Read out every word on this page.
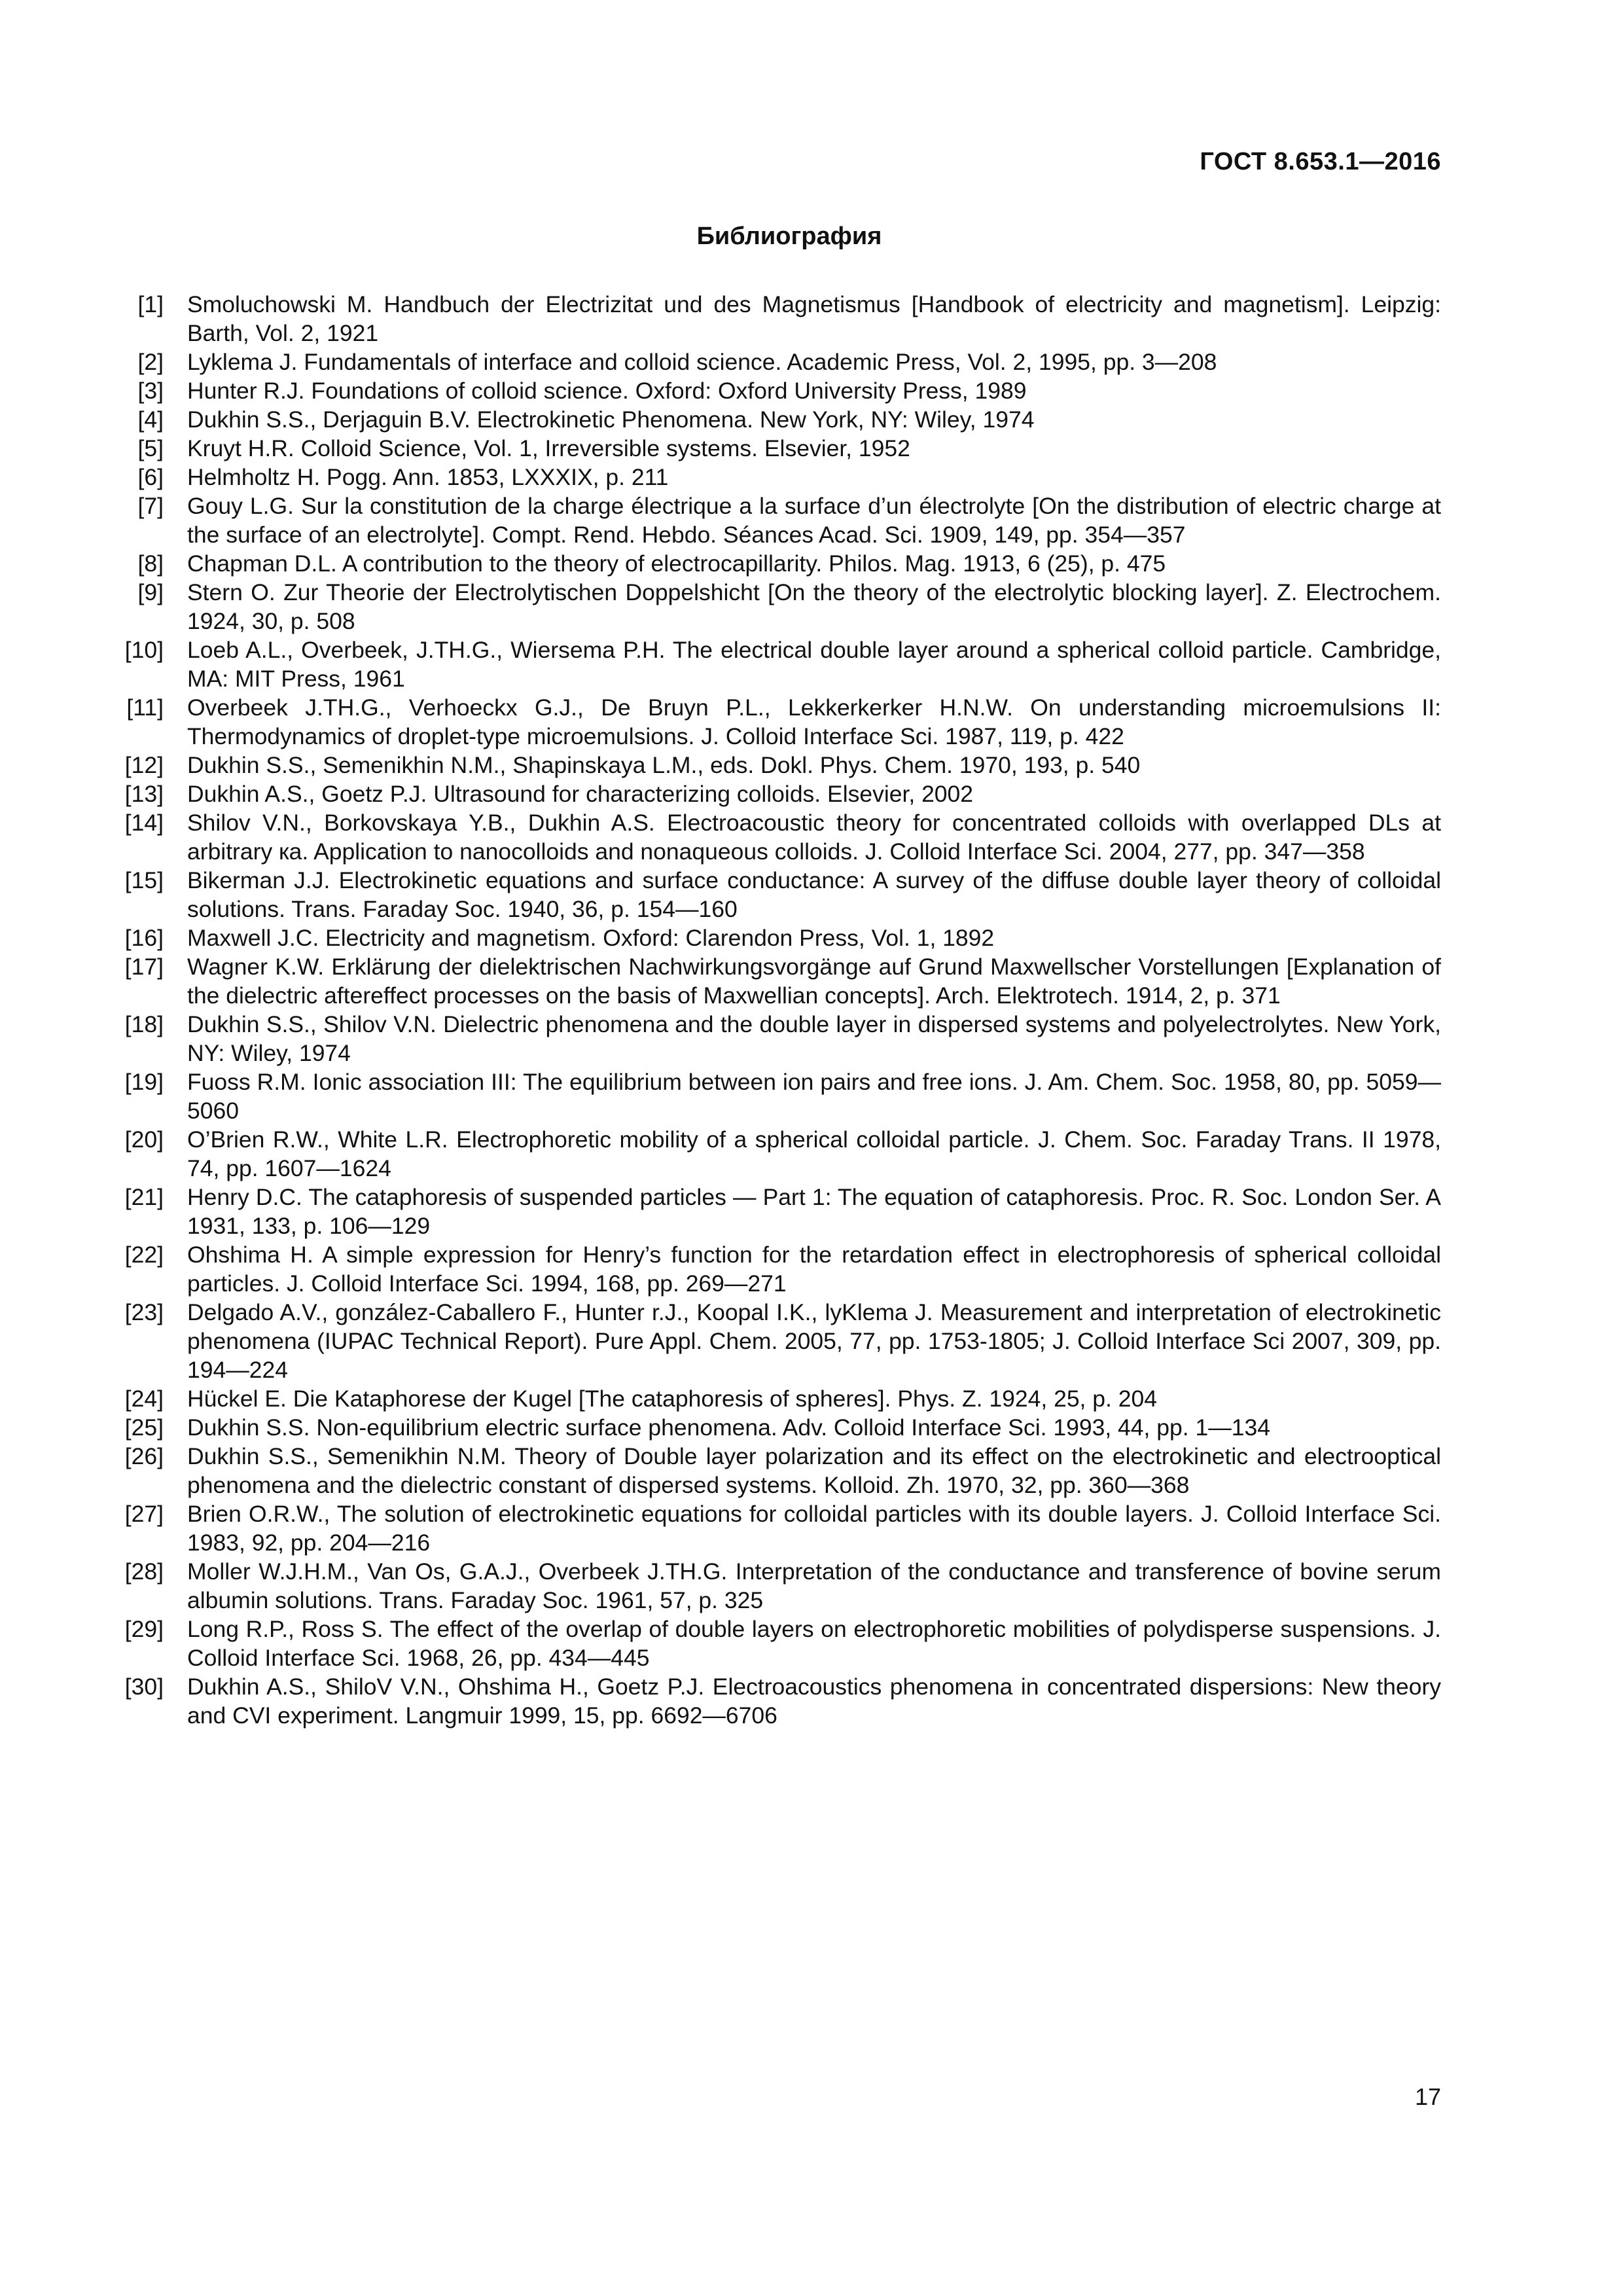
ГОСТ 8.653.1—2016
Библиография
[1] Smoluchowski M. Handbuch der Electrizitat und des Magnetismus [Handbook of electricity and magnetism]. Leipzig: Barth, Vol. 2, 1921
[2] Lyklema J. Fundamentals of interface and colloid science. Academic Press, Vol. 2, 1995, pp. 3—208
[3] Hunter R.J. Foundations of colloid science. Oxford: Oxford University Press, 1989
[4] Dukhin S.S., Derjaguin B.V. Electrokinetic Phenomena. New York, NY: Wiley, 1974
[5] Kruyt H.R. Colloid Science, Vol. 1, Irreversible systems. Elsevier, 1952
[6] Helmholtz H. Pogg. Ann. 1853, LXXXIX, p. 211
[7] Gouy L.G. Sur la constitution de la charge électrique a la surface d’un électrolyte [On the distribution of electric charge at the surface of an electrolyte]. Compt. Rend. Hebdo. Séances Acad. Sci. 1909, 149, pp. 354—357
[8] Chapman D.L. A contribution to the theory of electrocapillarity. Philos. Mag. 1913, 6 (25), p. 475
[9] Stern O. Zur Theorie der Electrolytischen Doppelshicht [On the theory of the electrolytic blocking layer]. Z. Electrochem. 1924, 30, p. 508
[10] Loeb A.L., Overbeek, J.TH.G., Wiersema P.H. The electrical double layer around a spherical colloid particle. Cambridge, MA: MIT Press, 1961
[11] Overbeek J.TH.G., Verhoeckx G.J., De Bruyn P.L., Lekkerkerker H.N.W. On understanding microemulsions II: Thermodynamics of droplet-type microemulsions. J. Colloid Interface Sci. 1987, 119, p. 422
[12] Dukhin S.S., Semenikhin N.M., Shapinskaya L.M., eds. Dokl. Phys. Chem. 1970, 193, p. 540
[13] Dukhin A.S., Goetz P.J. Ultrasound for characterizing colloids. Elsevier, 2002
[14] Shilov V.N., Borkovskaya Y.B., Dukhin A.S. Electroacoustic theory for concentrated colloids with overlapped DLs at arbitrary кa. Application to nanocolloids and nonaqueous colloids. J. Colloid Interface Sci. 2004, 277, pp. 347—358
[15] Bikerman J.J. Electrokinetic equations and surface conductance: A survey of the diffuse double layer theory of colloidal solutions. Trans. Faraday Soc. 1940, 36, p. 154—160
[16] Maxwell J.C. Electricity and magnetism. Oxford: Clarendon Press, Vol. 1, 1892
[17] Wagner K.W. Erklärung der dielektrischen Nachwirkungsvorgänge auf Grund Maxwellscher Vorstellungen [Explanation of the dielectric aftereffect processes on the basis of Maxwellian concepts]. Arch. Elektrotech. 1914, 2, p. 371
[18] Dukhin S.S., Shilov V.N. Dielectric phenomena and the double layer in dispersed systems and polyelectrolytes. New York, NY: Wiley, 1974
[19] Fuoss R.M. Ionic association III: The equilibrium between ion pairs and free ions. J. Am. Chem. Soc. 1958, 80, pp. 5059—5060
[20] O’Brien R.W., White L.R. Electrophoretic mobility of a spherical colloidal particle. J. Chem. Soc. Faraday Trans. II 1978, 74, pp. 1607—1624
[21] Henry D.C. The cataphoresis of suspended particles — Part 1: The equation of cataphoresis. Proc. R. Soc. London Ser. A 1931, 133, p. 106—129
[22] Ohshima H. A simple expression for Henry’s function for the retardation effect in electrophoresis of spherical colloidal particles. J. Colloid Interface Sci. 1994, 168, pp. 269—271
[23] Delgado A.V., gonzález-Caballero F., Hunter r.J., Koopal I.K., lyKlema J. Measurement and interpretation of electrokinetic phenomena (IUPAC Technical Report). Pure Appl. Chem. 2005, 77, pp. 1753-1805; J. Colloid Interface Sci 2007, 309, pp. 194—224
[24] Hückel E. Die Kataphorese der Kugel [The cataphoresis of spheres]. Phys. Z. 1924, 25, p. 204
[25] Dukhin S.S. Non-equilibrium electric surface phenomena. Adv. Colloid Interface Sci. 1993, 44, pp. 1—134
[26] Dukhin S.S., Semenikhin N.M. Theory of Double layer polarization and its effect on the electrokinetic and electrooptical phenomena and the dielectric constant of dispersed systems. Kolloid. Zh. 1970, 32, pp. 360—368
[27] Brien O.R.W., The solution of electrokinetic equations for colloidal particles with its double layers. J. Colloid Interface Sci. 1983, 92, pp. 204—216
[28] Moller W.J.H.M., Van Os, G.A.J., Overbeek J.TH.G. Interpretation of the conductance and transference of bovine serum albumin solutions. Trans. Faraday Soc. 1961, 57, p. 325
[29] Long R.P., Ross S. The effect of the overlap of double layers on electrophoretic mobilities of polydisperse suspensions. J. Colloid Interface Sci. 1968, 26, pp. 434—445
[30] Dukhin A.S., ShiloV V.N., Ohshima H., Goetz P.J. Electroacoustics phenomena in concentrated dispersions: New theory and CVI experiment. Langmuir 1999, 15, pp. 6692—6706
17
